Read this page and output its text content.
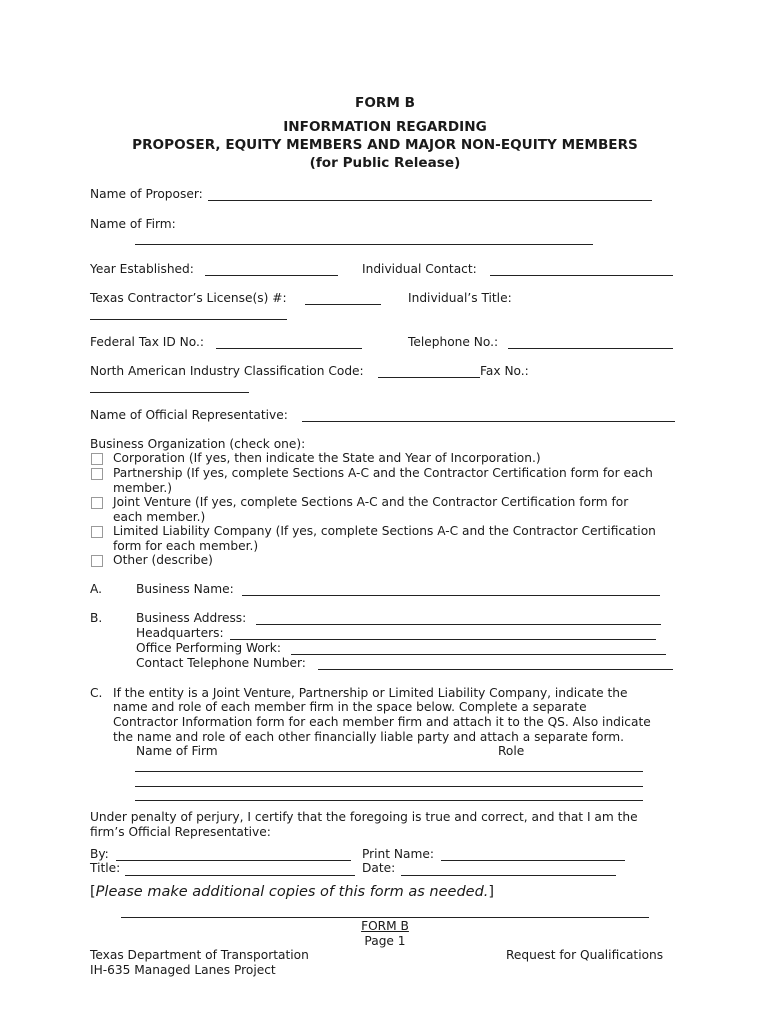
FORM B
INFORMATION REGARDING
PROPOSER, EQUITY MEMBERS AND MAJOR NON-EQUITY MEMBERS
(for Public Release)
Name of Proposer:
Name of Firm:
Year Established:	Individual Contact:
Texas Contractor’s License(s) #:	Individual’s Title:
Federal Tax ID No.:	Telephone No.:
North American Industry Classification Code:	Fax No.:
Name of Official Representative:
Business Organization (check one):
Corporation (If yes, then indicate the State and Year of Incorporation.)
Partnership (If yes, complete Sections A-C and the Contractor Certification form for each
member.)
Joint Venture (If yes, complete Sections A-C and the Contractor Certification form for
each member.)
Limited Liability Company (If yes, complete Sections A-C and the Contractor Certification
form for each member.)
Other (describe)
A.	Business Name:
B.	Business Address:
Headquarters:
Office Performing Work:
Contact Telephone Number:
C. If the entity is a Joint Venture, Partnership or Limited Liability Company, indicate the
name and role of each member firm in the space below. Complete a separate
Contractor Information form for each member firm and attach it to the QS. Also indicate
the name and role of each other financially liable party and attach a separate form.
Name of Firm	Role
Under penalty of perjury, I certify that the foregoing is true and correct, and that I am the
firm’s Official Representative:
By:	Print Name:
Title:	Date:
[Please make additional copies of this form as needed.]
FORM B
Page 1
Texas Department of Transportation	Request for Qualifications
IH-635 Managed Lanes Project
